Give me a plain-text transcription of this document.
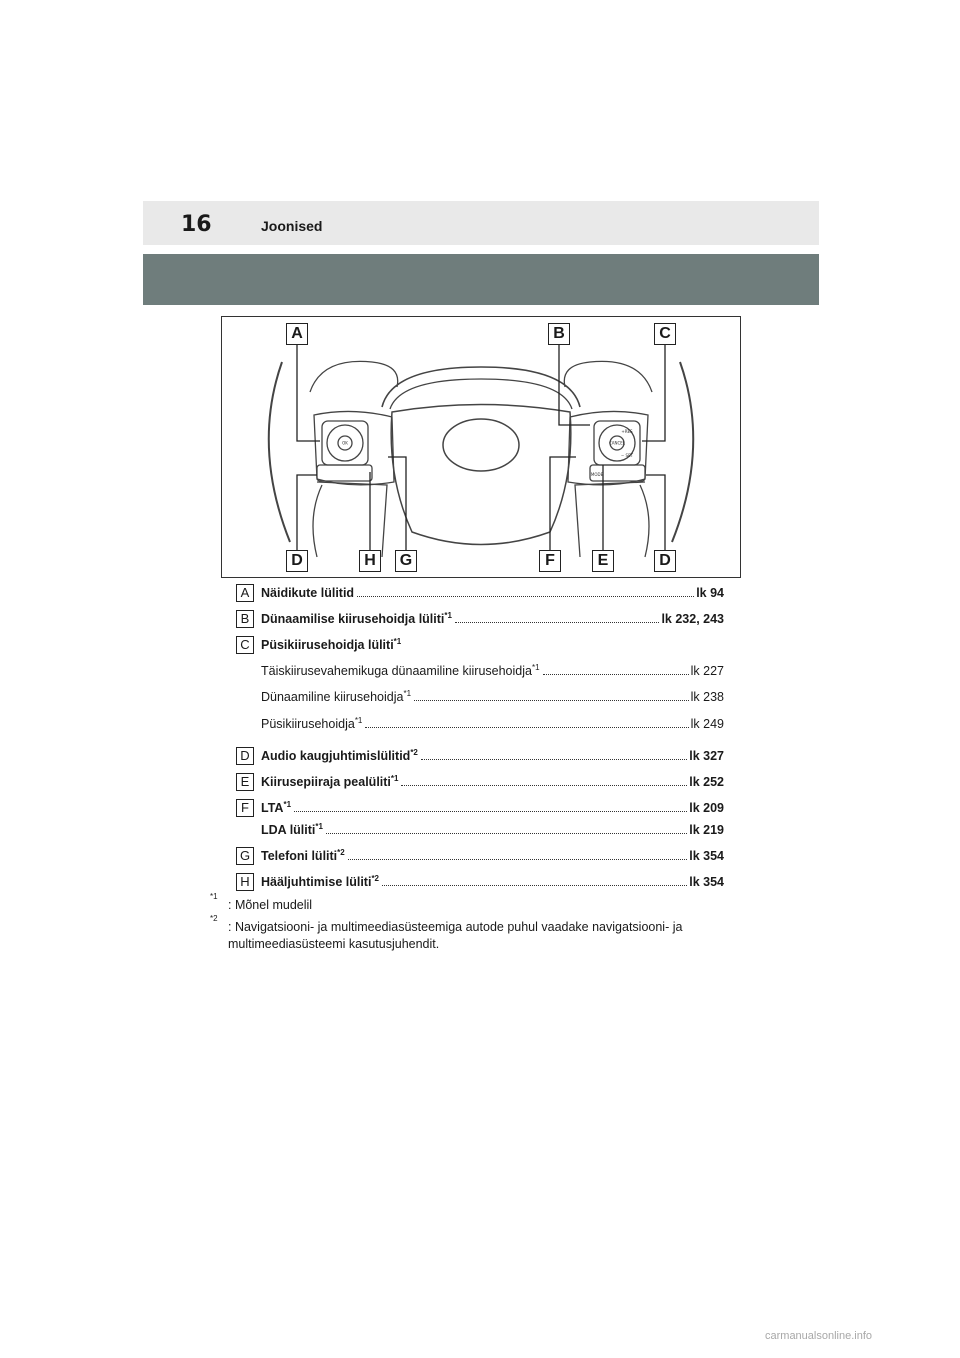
16	Joonised
OK
MODE
+RES
− SET
CANCEL
A	B	C
D	H	G	F	E	D
A Näidikute lülitid	lk 94
B Dünaamilise kiirusehoidja lüliti$^{*1}$	lk 232, 243
C Püsikiirusehoidja lüliti$^{*1}$
Täiskiirusevahemikuga dünaamiline kiirusehoidja$^{*1}$	lk 227
Dünaamiline kiirusehoidja$^{*1}$	lk 238
Püsikiirusehoidja$^{*1}$	lk 249
D Audio kaugjuhtimislülitid$^{*2}$	lk 327
E Kiirusepiiraja pealüliti$^{*1}$	lk 252
F LTA$^{*1}$	lk 209
LDA lüliti$^{*1}$	lk 219
G Telefoni lüliti$^{*2}$	lk 354
H Hääljuhtimise lüliti$^{*2}$	lk 354
$^{*1}$
: Mõnel mudelil
$^{*2}$
: Navigatsiooni- ja multimeediasüsteemiga autode puhul vaadake navigatsiooni- ja multimeediasüsteemi kasutusjuhendit.
carmanualsonline.info
